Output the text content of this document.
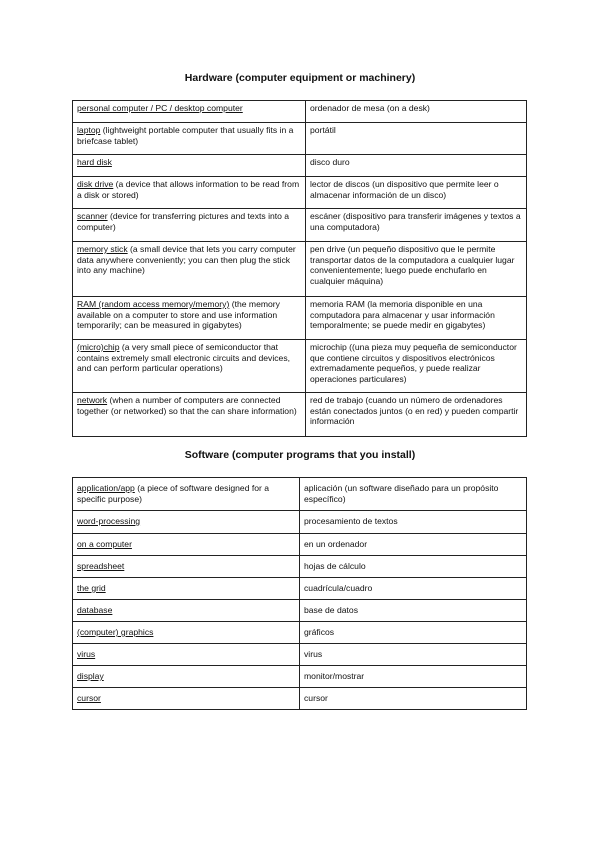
Hardware (computer equipment or machinery)
personal computer / PC / desktop computer	ordenador de mesa (on a desk)
laptop (lightweight portable computer that usually fits in a briefcase tablet)	portátil
hard disk	disco duro
disk drive (a device that allows information to be read from a disk or stored)	lector de discos (un dispositivo que permite leer o almacenar información de un disco)
scanner (device for transferring pictures and texts into a computer)	escáner (dispositivo para transferir imágenes y textos a una computadora)
memory stick (a small device that lets you carry computer data anywhere conveniently; you can then plug the stick into any machine)	pen drive (un pequeño dispositivo que le permite transportar datos de la computadora a cualquier lugar convenientemente; luego puede enchufarlo en cualquier máquina)
RAM (random access memory/memory) (the memory available on a computer to store and use information temporarily; can be measured in gigabytes)	memoria RAM (la memoria disponible en una computadora para almacenar y usar información temporalmente; se puede medir en gigabytes)
(micro)chip (a very small piece of semiconductor that contains extremely small electronic circuits and devices, and can perform particular operations)	microchip ((una pieza muy pequeña de semiconductor que contiene circuitos y dispositivos electrónicos extremadamente pequeños, y puede realizar operaciones particulares)
network (when a number of computers are connected together (or networked) so that the can share information)	red de trabajo (cuando un número de ordenadores están conectados juntos (o en red) y pueden compartir información
Software (computer programs that you install)
application/app (a piece of software designed for a specific purpose)	aplicación (un software diseñado para un propósito específico)
word-processing	procesamiento de textos
on a computer	en un ordenador
spreadsheet	hojas de cálculo
the grid	cuadrícula/cuadro
database	base de datos
(computer) graphics	gráficos
virus	virus
display	monitor/mostrar
cursor	cursor
